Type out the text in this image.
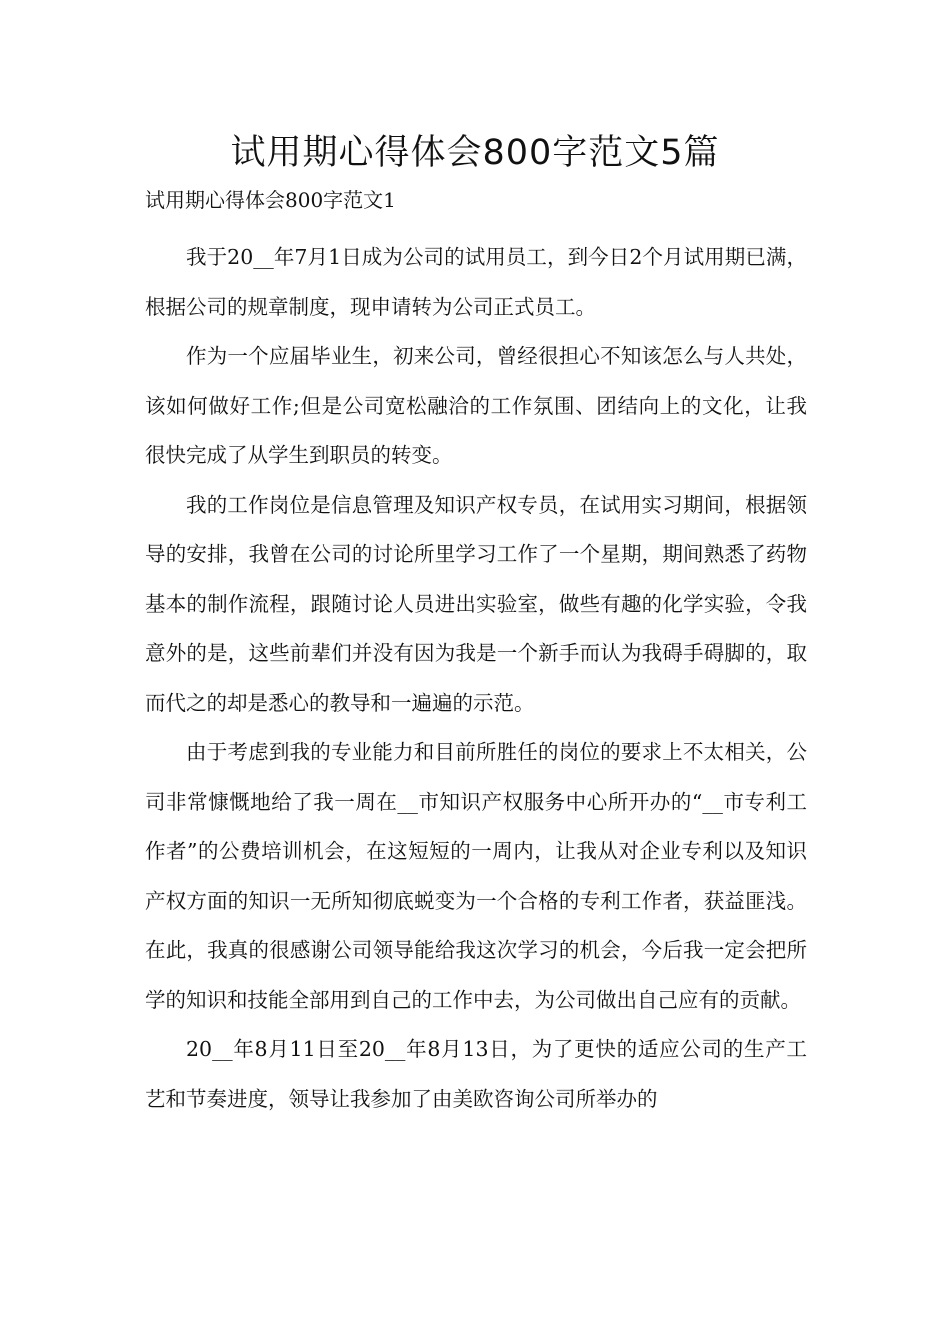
试用期心得体会800字范文5篇
试用期心得体会800字范文1

我于20__年7月1日成为公司的试用员工，到今日2个月试用期已满，根据公司的规章制度，现申请转为公司正式员工。

作为一个应届毕业生，初来公司，曾经很担心不知该怎么与人共处，该如何做好工作;但是公司宽松融洽的工作氛围、团结向上的文化，让我很快完成了从学生到职员的转变。

我的工作岗位是信息管理及知识产权专员，在试用实习期间，根据领导的安排，我曾在公司的讨论所里学习工作了一个星期，期间熟悉了药物基本的制作流程，跟随讨论人员进出实验室，做些有趣的化学实验，令我意外的是，这些前辈们并没有因为我是一个新手而认为我碍手碍脚的，取而代之的却是悉心的教导和一遍遍的示范。

由于考虑到我的专业能力和目前所胜任的岗位的要求上不太相关，公司非常慷慨地给了我一周在__市知识产权服务中心所开办的“__市专利工作者”的公费培训机会，在这短短的一周内，让我从对企业专利以及知识产权方面的知识一无所知彻底蜕变为一个合格的专利工作者，获益匪浅。在此，我真的很感谢公司领导能给我这次学习的机会，今后我一定会把所学的知识和技能全部用到自己的工作中去，为公司做出自己应有的贡献。

20__年8月11日至20__年8月13日，为了更快的适应公司的生产工艺和节奏进度，领导让我参加了由美欧咨询公司所举办的
